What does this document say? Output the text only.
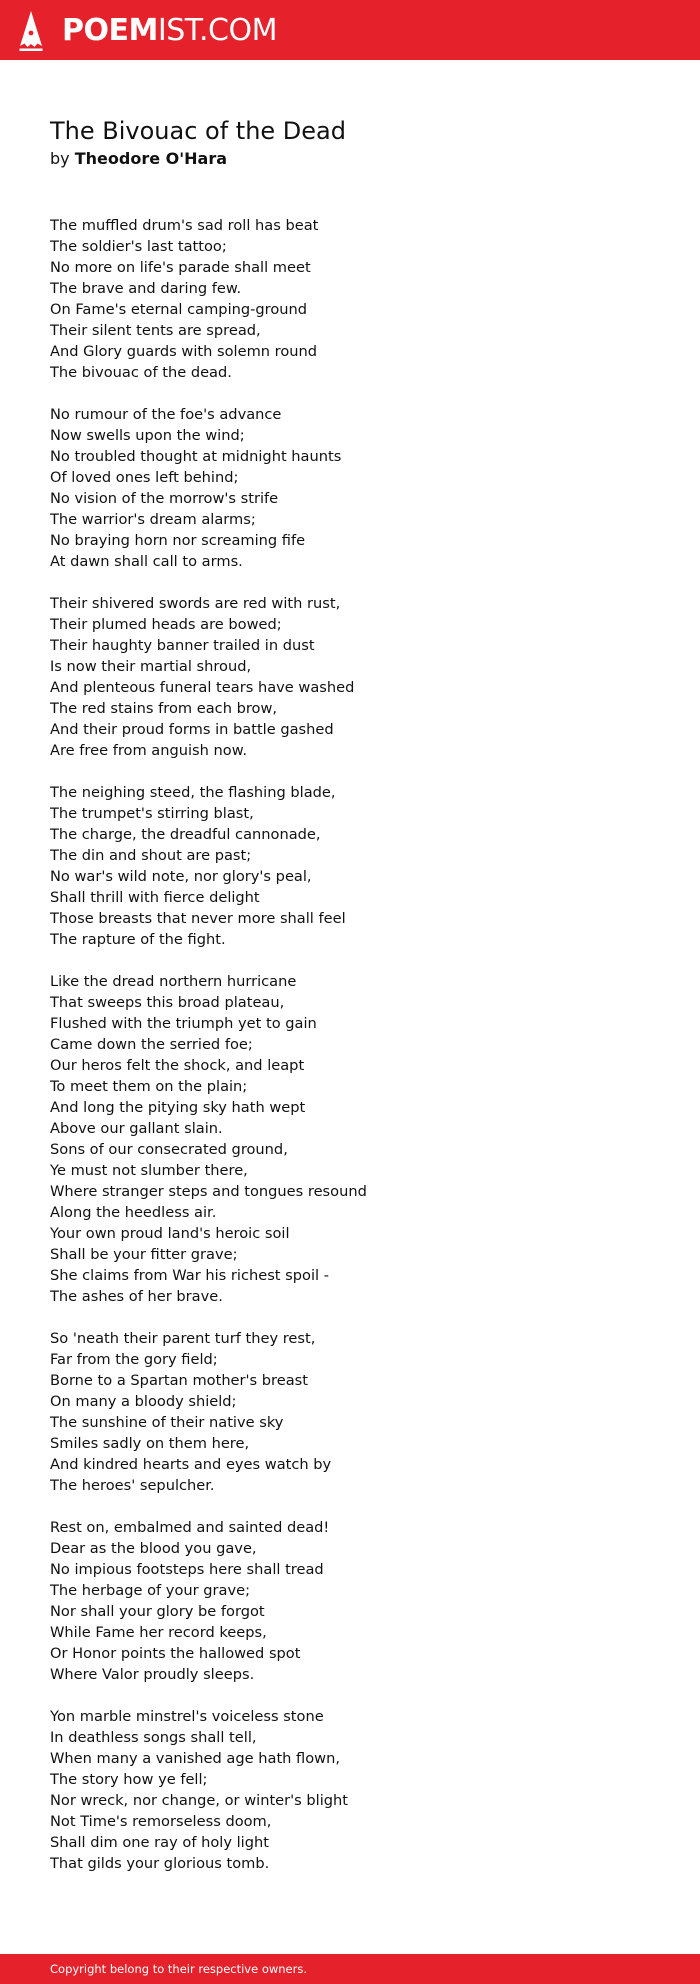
POEMIST.COM
The Bivouac of the Dead
by Theodore O'Hara
The muffled drum's sad roll has beat
The soldier's last tattoo;
No more on life's parade shall meet
The brave and daring few.
On Fame's eternal camping-ground
Their silent tents are spread,
And Glory guards with solemn round
The bivouac of the dead.
No rumour of the foe's advance
Now swells upon the wind;
No troubled thought at midnight haunts
Of loved ones left behind;
No vision of the morrow's strife
The warrior's dream alarms;
No braying horn nor screaming fife
At dawn shall call to arms.
Their shivered swords are red with rust,
Their plumed heads are bowed;
Their haughty banner trailed in dust
Is now their martial shroud,
And plenteous funeral tears have washed
The red stains from each brow,
And their proud forms in battle gashed
Are free from anguish now.
The neighing steed, the flashing blade,
The trumpet's stirring blast,
The charge, the dreadful cannonade,
The din and shout are past;
No war's wild note, nor glory's peal,
Shall thrill with fierce delight
Those breasts that never more shall feel
The rapture of the fight.
Like the dread northern hurricane
That sweeps this broad plateau,
Flushed with the triumph yet to gain
Came down the serried foe;
Our heros felt the shock, and leapt
To meet them on the plain;
And long the pitying sky hath wept
Above our gallant slain.
Sons of our consecrated ground,
Ye must not slumber there,
Where stranger steps and tongues resound
Along the heedless air.
Your own proud land's heroic soil
Shall be your fitter grave;
She claims from War his richest spoil -
The ashes of her brave.
So 'neath their parent turf they rest,
Far from the gory field;
Borne to a Spartan mother's breast
On many a bloody shield;
The sunshine of their native sky
Smiles sadly on them here,
And kindred hearts and eyes watch by
The heroes' sepulcher.
Rest on, embalmed and sainted dead!
Dear as the blood you gave,
No impious footsteps here shall tread
The herbage of your grave;
Nor shall your glory be forgot
While Fame her record keeps,
Or Honor points the hallowed spot
Where Valor proudly sleeps.
Yon marble minstrel's voiceless stone
In deathless songs shall tell,
When many a vanished age hath flown,
The story how ye fell;
Nor wreck, nor change, or winter's blight
Not Time's remorseless doom,
Shall dim one ray of holy light
That gilds your glorious tomb.
Copyright belong to their respective owners.
